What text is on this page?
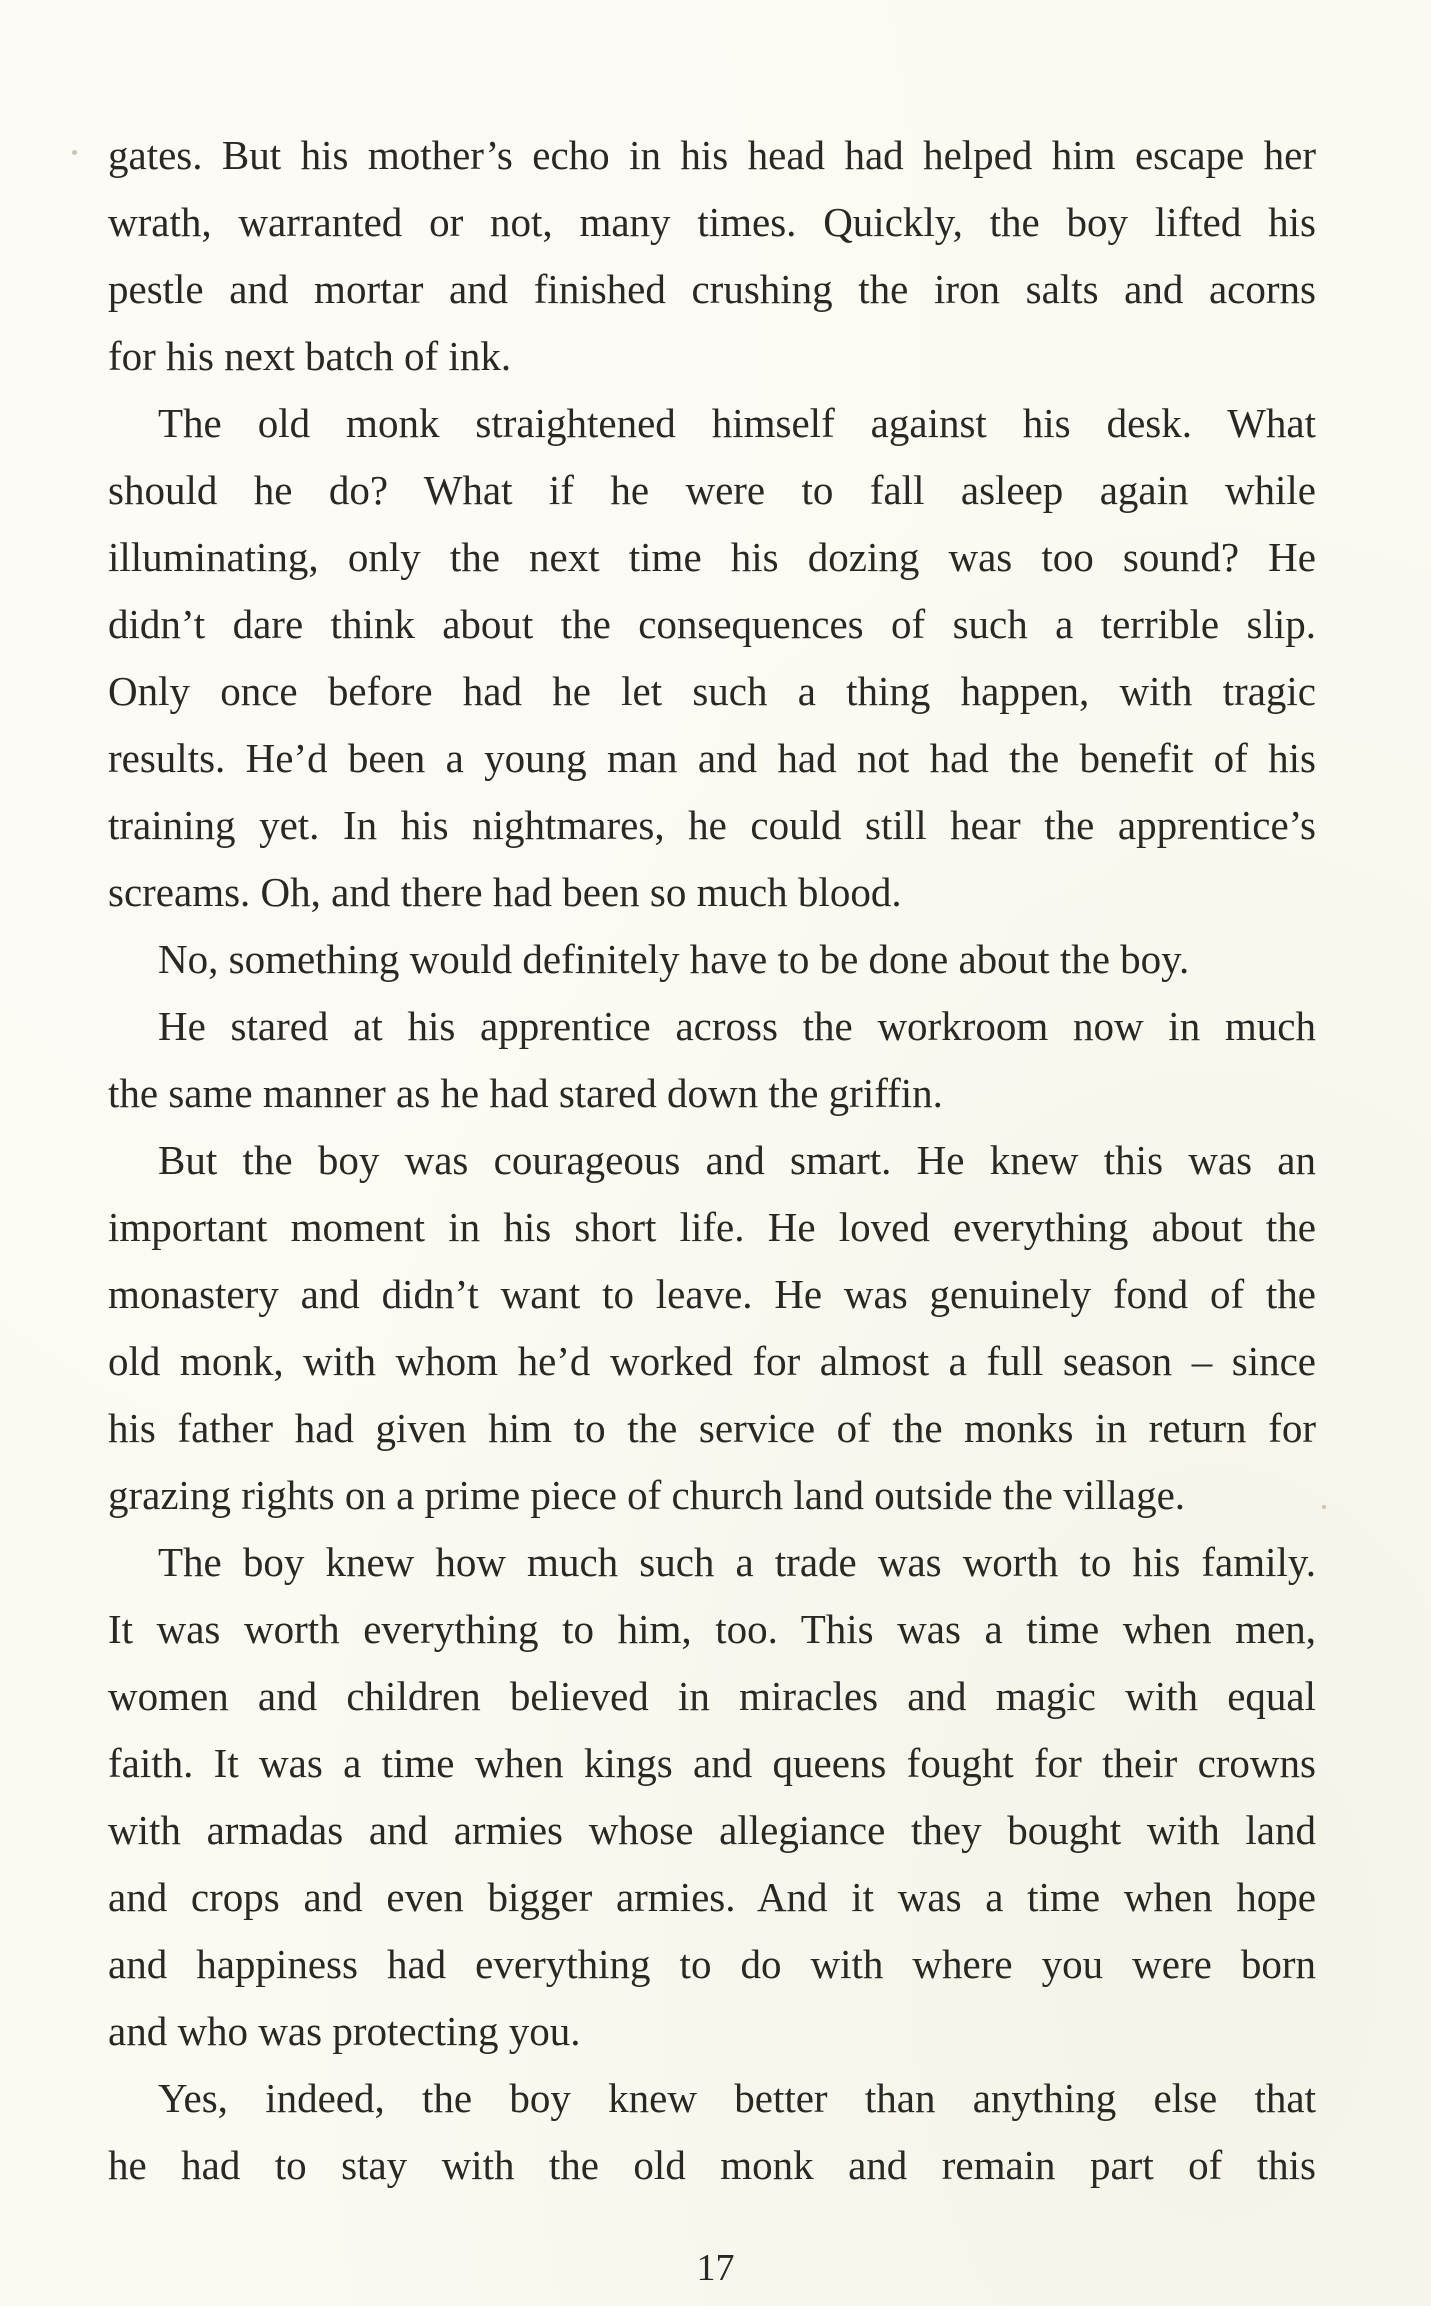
gates. But his mother’s echo in his head had helped him escape her
wrath, warranted or not, many times. Quickly, the boy lifted his
pestle and mortar and finished crushing the iron salts and acorns
for his next batch of ink.
The old monk straightened himself against his desk. What
should he do? What if he were to fall asleep again while
illuminating, only the next time his dozing was too sound? He
didn’t dare think about the consequences of such a terrible slip.
Only once before had he let such a thing happen, with tragic
results. He’d been a young man and had not had the benefit of his
training yet. In his nightmares, he could still hear the apprentice’s
screams. Oh, and there had been so much blood.
No, something would definitely have to be done about the boy.
He stared at his apprentice across the workroom now in much
the same manner as he had stared down the griffin.
But the boy was courageous and smart. He knew this was an
important moment in his short life. He loved everything about the
monastery and didn’t want to leave. He was genuinely fond of the
old monk, with whom he’d worked for almost a full season – since
his father had given him to the service of the monks in return for
grazing rights on a prime piece of church land outside the village.
The boy knew how much such a trade was worth to his family.
It was worth everything to him, too. This was a time when men,
women and children believed in miracles and magic with equal
faith. It was a time when kings and queens fought for their crowns
with armadas and armies whose allegiance they bought with land
and crops and even bigger armies. And it was a time when hope
and happiness had everything to do with where you were born
and who was protecting you.
Yes, indeed, the boy knew better than anything else that
he had to stay with the old monk and remain part of this
17
